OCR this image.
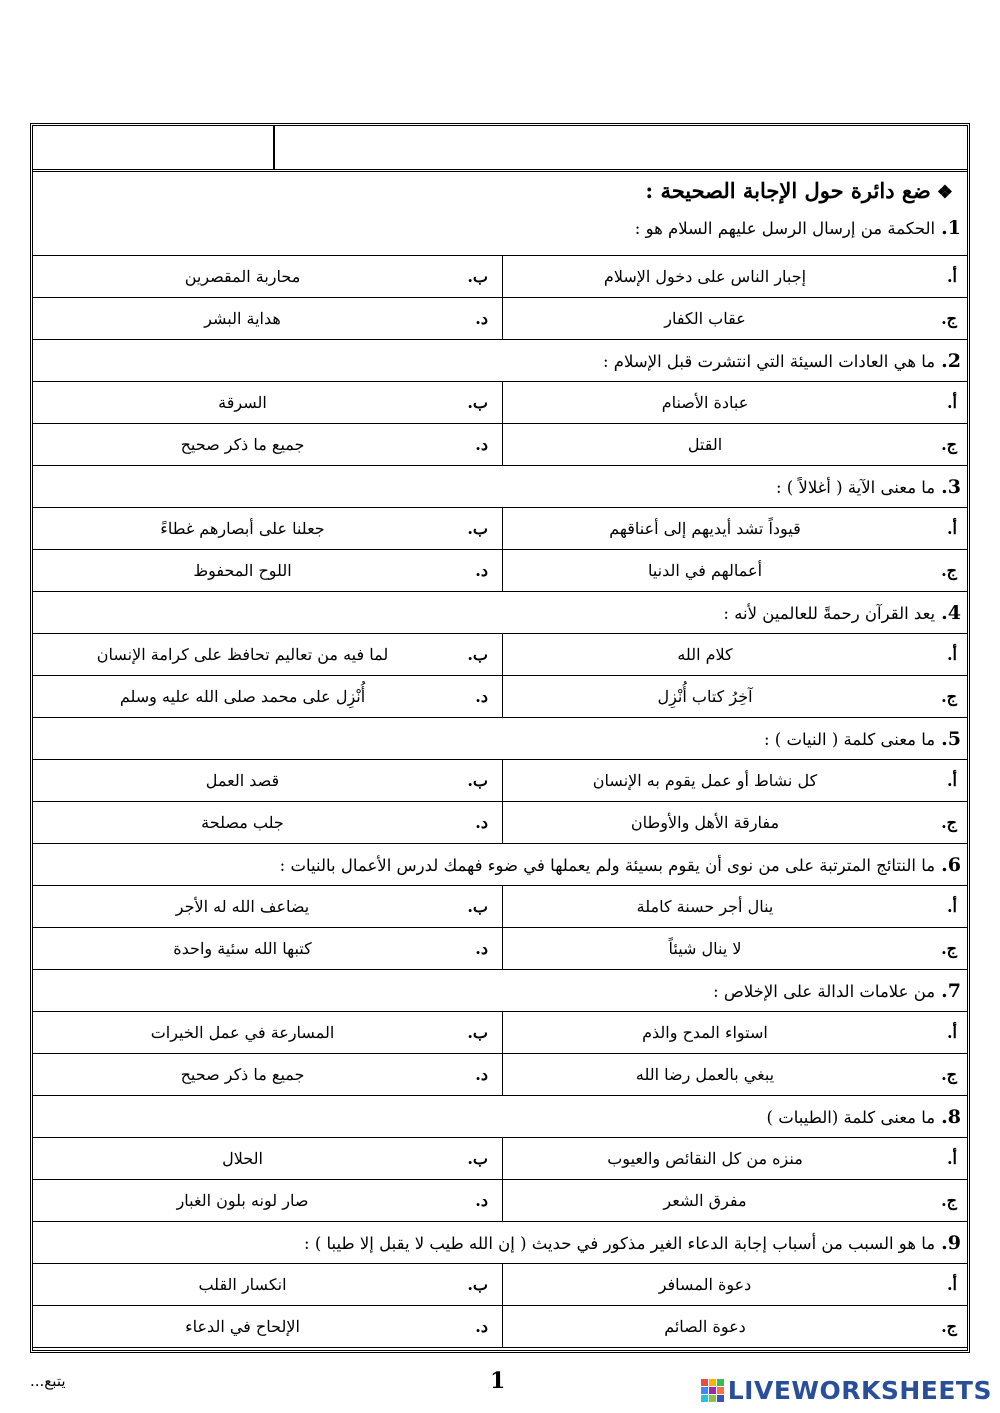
❖ضع دائرة حول الإجابة الصحيحة :
1.الحكمة من إرسال الرسل عليهم السلام هو :
أ.
إجبار الناس على دخول الإسلام
ب.
محاربة المقصرين
ج.
عقاب الكفار
د.
هداية البشر
2.ما هي العادات السيئة التي انتشرت قبل الإسلام :
أ.
عبادة الأصنام
ب.
السرقة
ج.
القتل
د.
جميع ما ذكر صحيح
3.ما معنى الآية ( أغلالاً ) :
أ.
قيوداً تشد أيديهم إلى أعناقهم
ب.
جعلنا على أبصارهم غطاءً
ج.
أعمالهم في الدنيا
د.
اللوح المحفوظ
4.يعد القرآن رحمةً للعالمين لأنه :
أ.
كلام الله
ب.
لما فيه من تعاليم تحافظ على كرامة الإنسان
ج.
آخِرُ كتاب أُنْزِل
د.
أُنْزِل على محمد صلى الله عليه وسلم
5.ما معنى كلمة ( النيات ) :
أ.
كل نشاط أو عمل يقوم به الإنسان
ب.
قصد العمل
ج.
مفارقة الأهل والأوطان
د.
جلب مصلحة
6.ما النتائج المترتبة على من نوى أن يقوم بسيئة ولم يعملها في ضوء فهمك لدرس الأعمال بالنيات :
أ.
ينال أجر حسنة كاملة
ب.
يضاعف الله له الأجر
ج.
لا ينال شيئاً
د.
كتبها الله سئية واحدة
7.من علامات الدالة على الإخلاص :
أ.
استواء المدح والذم
ب.
المسارعة في عمل الخيرات
ج.
يبغي بالعمل رضا الله
د.
جميع ما ذكر صحيح
8.ما معنى كلمة (الطيبات )
أ.
منزه من كل النقائص والعيوب
ب.
الحلال
ج.
مفرق الشعر
د.
صار لونه بلون الغبار
9.ما هو السبب من أسباب إجابة الدعاء الغير مذكور في حديث ( إن الله طيب لا يقبل إلا طيبا ) :
أ.
دعوة المسافر
ب.
انكسار القلب
ج.
دعوة الصائم
د.
الإلحاح في الدعاء
يتبع...	1	LIVEWORKSHEETS
